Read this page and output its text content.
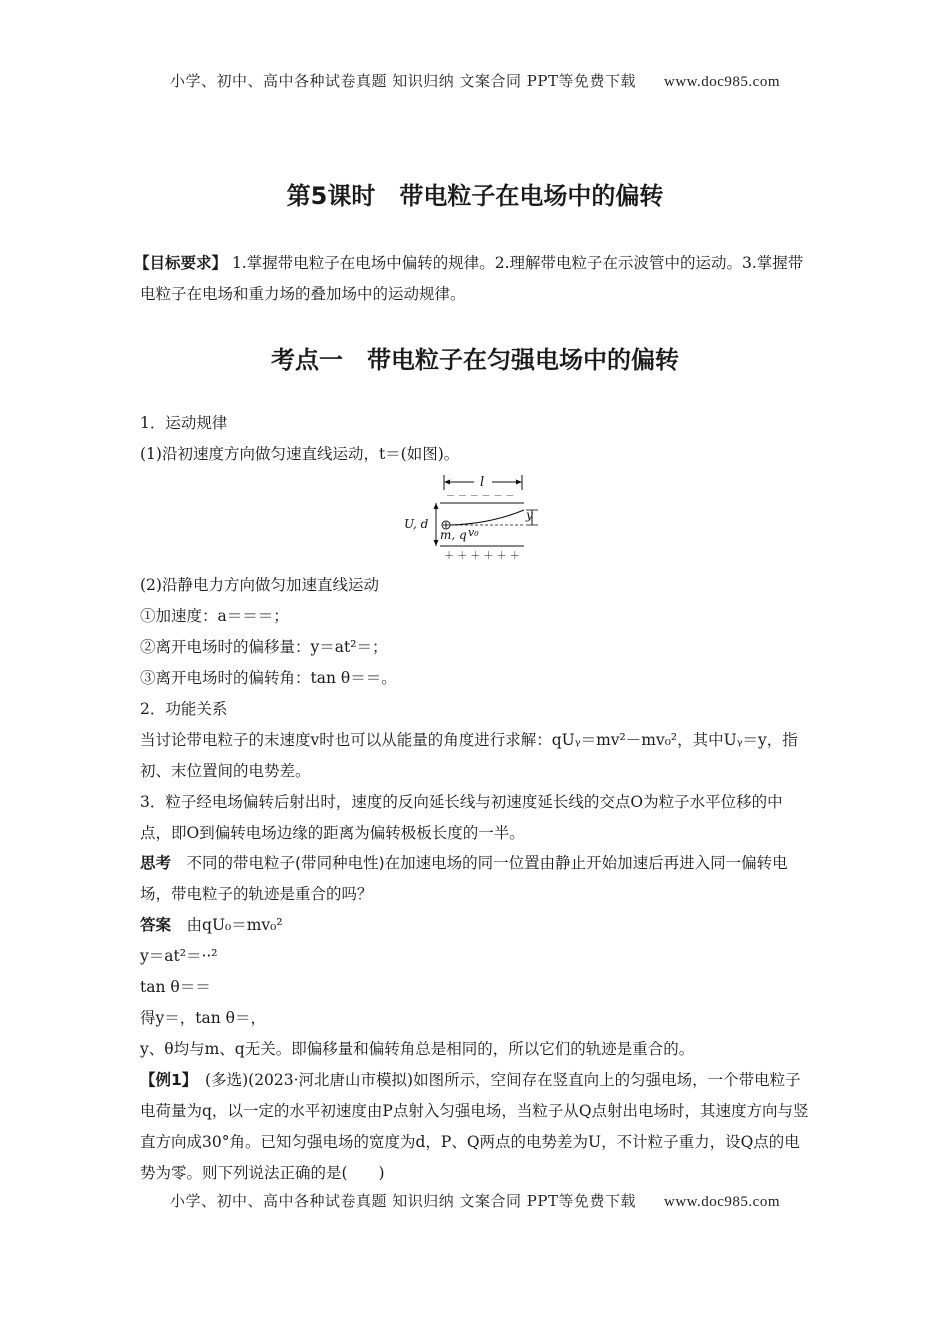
小学、初中、高中各种试卷真题 知识归纳 文案合同 PPT等免费下载 www.doc985.com
第5课时　带电粒子在电场中的偏转
【目标要求】 1.掌握带电粒子在电场中偏转的规律。2.理解带电粒子在示波管中的运动。3.掌握带电粒子在电场和重力场的叠加场中的运动规律。
考点一　带电粒子在匀强电场中的偏转

1．运动规律

(1)沿初速度方向做匀速直线运动，t＝(如图)。

l
－ － － － － －
U, d
y
m, q v₀
＋ ＋ ＋ ＋ ＋ ＋

(2)沿静电力方向做匀加速直线运动

①加速度：a＝＝＝；

②离开电场时的偏移量：y＝at²＝；

③离开电场时的偏转角：tan θ＝＝。

2．功能关系

当讨论带电粒子的末速度v时也可以从能量的角度进行求解：qUᵧ＝mv²－mv₀²，其中Uᵧ＝y，指初、末位置间的电势差。

3．粒子经电场偏转后射出时，速度的反向延长线与初速度延长线的交点O为粒子水平位移的中点，即O到偏转电场边缘的距离为偏转极板长度的一半。

思考　不同的带电粒子(带同种电性)在加速电场的同一位置由静止开始加速后再进入同一偏转电场，带电粒子的轨迹是重合的吗？

答案　由qU₀＝mv₀²

y＝at²＝··²

tan θ＝＝

得y＝，tan θ＝，

y、θ均与m、q无关。即偏移量和偏转角总是相同的，所以它们的轨迹是重合的。

【例1】　(多选)(2023·河北唐山市模拟)如图所示，空间存在竖直向上的匀强电场，一个带电粒子电荷量为q，以一定的水平初速度由P点射入匀强电场，当粒子从Q点射出电场时，其速度方向与竖直方向成30°角。已知匀强电场的宽度为d，P、Q两点的电势差为U，不计粒子重力，设Q点的电势为零。则下列说法正确的是(　　)

小学、初中、高中各种试卷真题 知识归纳 文案合同 PPT等免费下载 www.doc985.com
